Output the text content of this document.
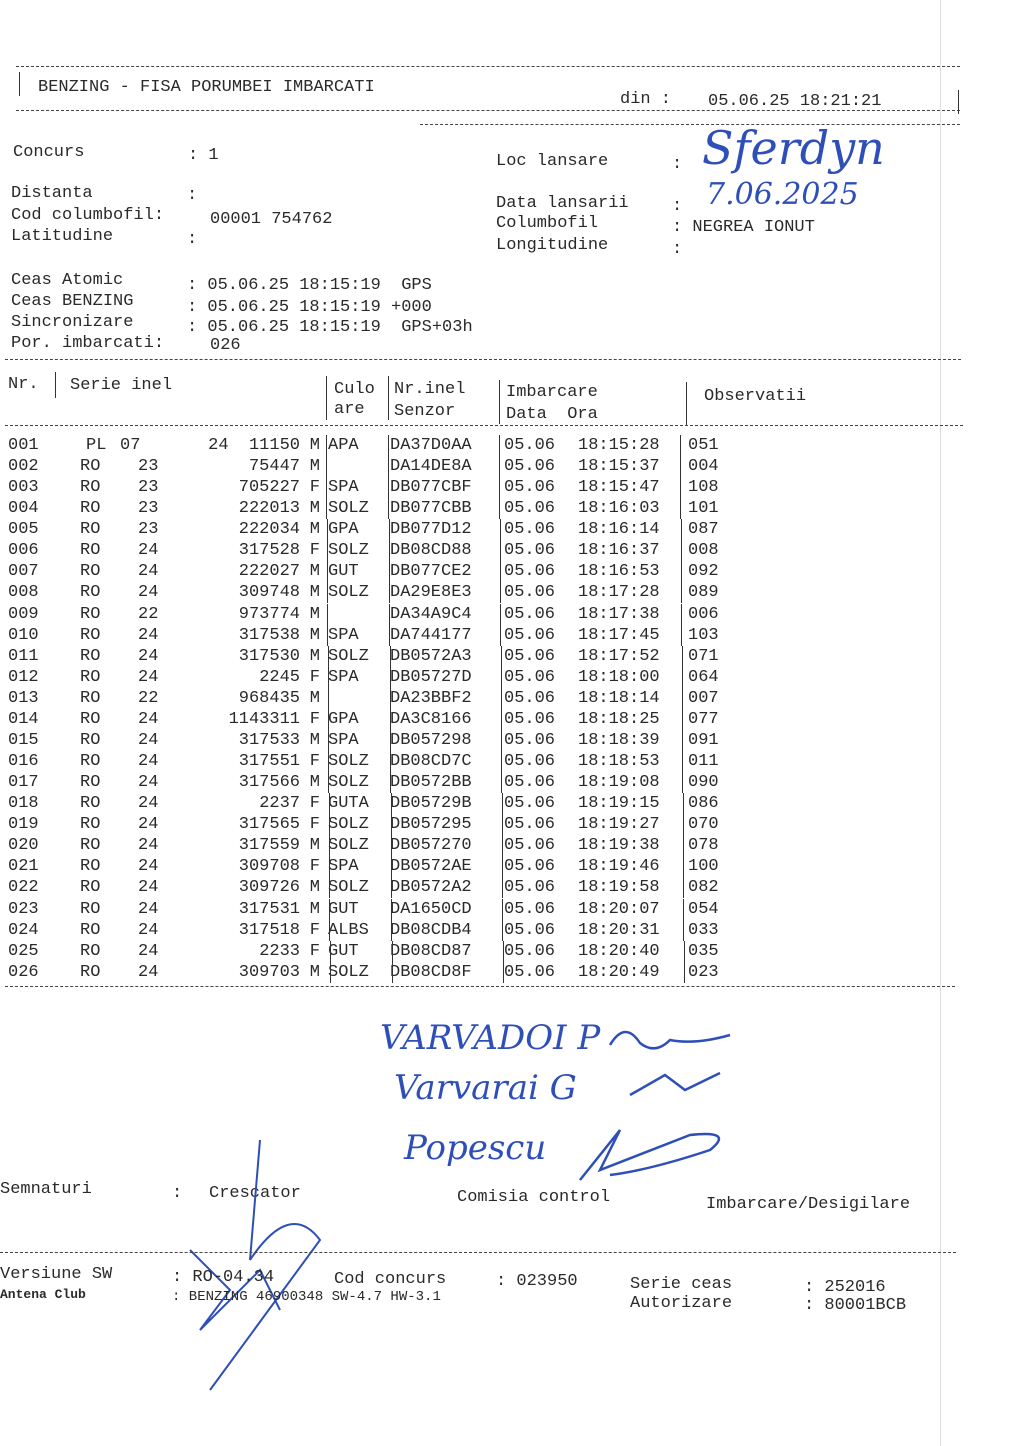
BENZING - FISA PORUMBEI IMBARCATI
din : 05.06.25 18:21:21
Concurs	: 1	Loc lansare	: Sferdyn
Distanta	:	Data lansarii	: 7.06.2025
Cod columbofil:	00001 754762	Columbofil	: NEGREA IONUT
Latitudine	:	Longitudine	:
Ceas Atomic	: 05.06.25 18:15:19  GPS
Ceas BENZING	: 05.06.25 18:15:19 +000
Sincronizare	: 05.06.25 18:15:19  GPS+03h
Por. imbarcati:	026
Nr. Serie inel	Culo
are
Nr.inel
Senzor
Imbarcare
Data  Ora
Observatii
001	PL 07	24  11150 M APA DA37D0AA 05.06 18:15:28 051
002 RO 23	75447 M	DA14DE8A 05.06 18:15:37 004
003 RO 23	705227 F SPA DB077CBF 05.06 18:15:47 108
004 RO 23	222013 M SOLZ DB077CBB 05.06 18:16:03 101
005 RO 23	222034 M GPA DB077D12 05.06 18:16:14 087
006 RO 24	317528 F SOLZ DB08CD88 05.06 18:16:37 008
007 RO 24	222027 M GUT DB077CE2 05.06 18:16:53 092
008 RO 24	309748 M SOLZ DA29E8E3 05.06 18:17:28 089
009 RO 22	973774 M	DA34A9C4 05.06 18:17:38 006
010 RO 24	317538 M SPA DA744177 05.06 18:17:45 103
011 RO 24	317530 M SOLZ DB0572A3 05.06 18:17:52 071
012 RO 24	2245 F SPA DB05727D 05.06 18:18:00 064
013 RO 22	968435 M	DA23BBF2 05.06 18:18:14 007
014 RO 24	1143311 F GPA DA3C8166 05.06 18:18:25 077
015 RO 24	317533 M SPA DB057298 05.06 18:18:39 091
016 RO 24	317551 F SOLZ DB08CD7C 05.06 18:18:53 011
017 RO 24	317566 M SOLZ DB0572BB 05.06 18:19:08 090
018 RO 24	2237 F GUTA DB05729B 05.06 18:19:15 086
019 RO 24	317565 F SOLZ DB057295 05.06 18:19:27 070
020 RO 24	317559 M SOLZ DB057270 05.06 18:19:38 078
021 RO 24	309708 F SPA DB0572AE 05.06 18:19:46 100
022 RO 24	309726 M SOLZ DB0572A2 05.06 18:19:58 082
023 RO 24	317531 M GUT DA1650CD 05.06 18:20:07 054
024 RO 24	317518 F ALBS DB08CDB4 05.06 18:20:31 033
025 RO 24	2233 F GUT DB08CD87 05.06 18:20:40 035
026 RO 24	309703 M SOLZ DB08CD8F 05.06 18:20:49 023
VARVADOI P
Varvarai G
Popescu
Semnaturi	: Crescator	Comisia control	Imbarcare/Desigilare
Versiune SW	: RO-04.34	Cod concurs	: 023950	Serie ceas	: 252016
Antena Club	: BENZING 46900348 SW-4.7 HW-3.1	Autorizare	: 80001BCB
